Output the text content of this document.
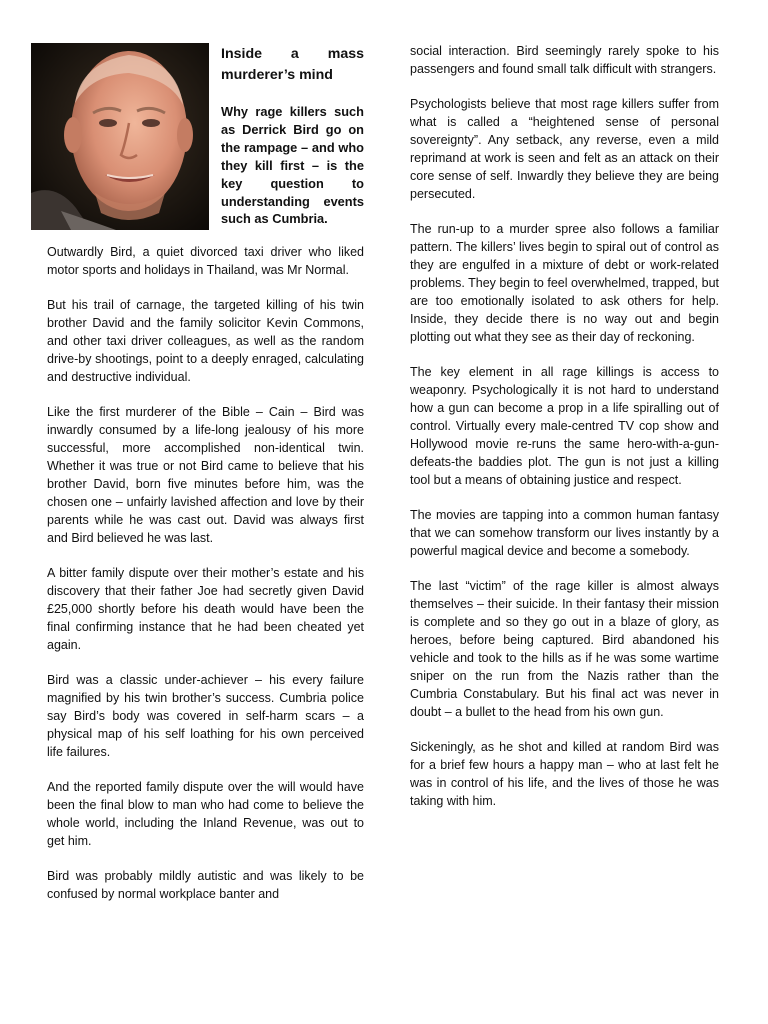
Inside a mass murderer’s mind

Why rage killers such as Derrick Bird go on the rampage – and who they kill first – is the key question to understanding events such as Cumbria.

Outwardly Bird, a quiet divorced taxi driver who liked motor sports and holidays in Thailand, was Mr Normal.

But his trail of carnage, the targeted killing of his twin brother David and the family solicitor Kevin Commons, and other taxi driver colleagues, as well as the random drive-by shootings, point to a deeply enraged, calculating and destructive individual.

Like the first murderer of the Bible – Cain – Bird was inwardly consumed by a life-long jealousy of his more successful, more accomplished non-identical twin. Whether it was true or not Bird came to believe that his brother David, born five minutes before him, was the chosen one – unfairly lavished affection and love by their parents while he was cast out. David was always first and Bird believed he was last.

A bitter family dispute over their mother’s estate and his discovery that their father Joe had secretly given David £25,000 shortly before his death would have been the final confirming instance that he had been cheated yet again.

Bird was a classic under-achiever – his every failure magnified by his twin brother’s success. Cumbria police say Bird’s body was covered in self-harm scars – a physical map of his self loathing for his own perceived life failures.

And the reported family dispute over the will would have been the final blow to man who had come to believe the whole world, including the Inland Revenue, was out to get him.

Bird was probably mildly autistic and was likely to be confused by normal workplace banter and

social interaction. Bird seemingly rarely spoke to his passengers and found small talk difficult with strangers.

Psychologists believe that most rage killers suffer from what is called a “heightened sense of personal sovereignty”. Any setback, any reverse, even a mild reprimand at work is seen and felt as an attack on their core sense of self. Inwardly they believe they are being persecuted.

The run-up to a murder spree also follows a familiar pattern. The killers’ lives begin to spiral out of control as they are engulfed in a mixture of debt or work-related problems. They begin to feel overwhelmed, trapped, but are too emotionally isolated to ask others for help. Inside, they decide there is no way out and begin plotting out what they see as their day of reckoning.

The key element in all rage killings is access to weaponry. Psychologically it is not hard to understand how a gun can become a prop in a life spiralling out of control. Virtually every male-centred TV cop show and Hollywood movie re-runs the same hero-with-a-gun-defeats-the baddies plot. The gun is not just a killing tool but a means of obtaining justice and respect.

The movies are tapping into a common human fantasy that we can somehow transform our lives instantly by a powerful magical device and become a somebody.

The last “victim” of the rage killer is almost always themselves – their suicide. In their fantasy their mission is complete and so they go out in a blaze of glory, as heroes, before being captured. Bird abandoned his vehicle and took to the hills as if he was some wartime sniper on the run from the Nazis rather than the Cumbria Constabulary. But his final act was never in doubt – a bullet to the head from his own gun.

Sickeningly, as he shot and killed at random Bird was for a brief few hours a happy man – who at last felt he was in control of his life, and the lives of those he was taking with him.
